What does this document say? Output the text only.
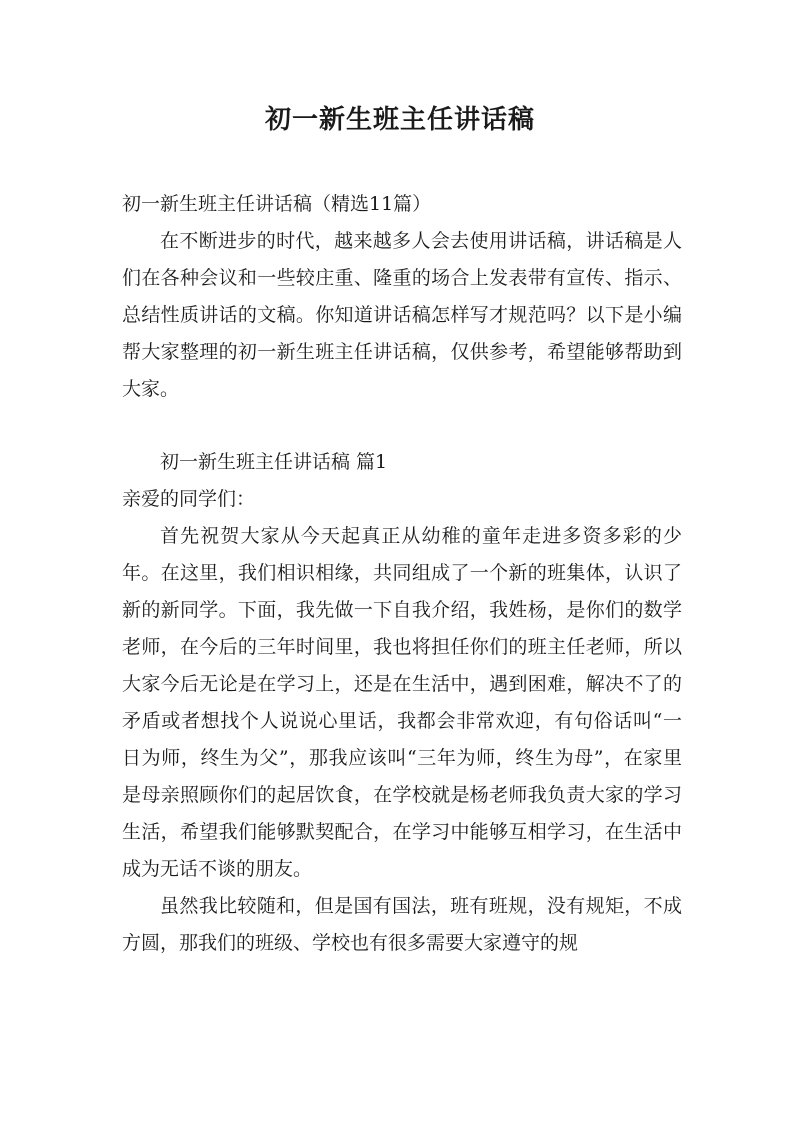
初一新生班主任讲话稿

初一新生班主任讲话稿（精选11篇）

在不断进步的时代，越来越多人会去使用讲话稿，讲话稿是人们在各种会议和一些较庄重、隆重的场合上发表带有宣传、指示、总结性质讲话的文稿。你知道讲话稿怎样写才规范吗？以下是小编帮大家整理的初一新生班主任讲话稿，仅供参考，希望能够帮助到大家。

初一新生班主任讲话稿 篇1

亲爱的同学们：

首先祝贺大家从今天起真正从幼稚的童年走进多资多彩的少年。在这里，我们相识相缘，共同组成了一个新的班集体，认识了新的新同学。下面，我先做一下自我介绍，我姓杨，是你们的数学老师，在今后的三年时间里，我也将担任你们的班主任老师，所以大家今后无论是在学习上，还是在生活中，遇到困难，解决不了的矛盾或者想找个人说说心里话，我都会非常欢迎，有句俗话叫“一日为师，终生为父”，那我应该叫“三年为师，终生为母”，在家里是母亲照顾你们的起居饮食，在学校就是杨老师我负责大家的学习生活，希望我们能够默契配合，在学习中能够互相学习，在生活中成为无话不谈的朋友。

虽然我比较随和，但是国有国法，班有班规，没有规矩，不成方圆，那我们的班级、学校也有很多需要大家遵守的规
